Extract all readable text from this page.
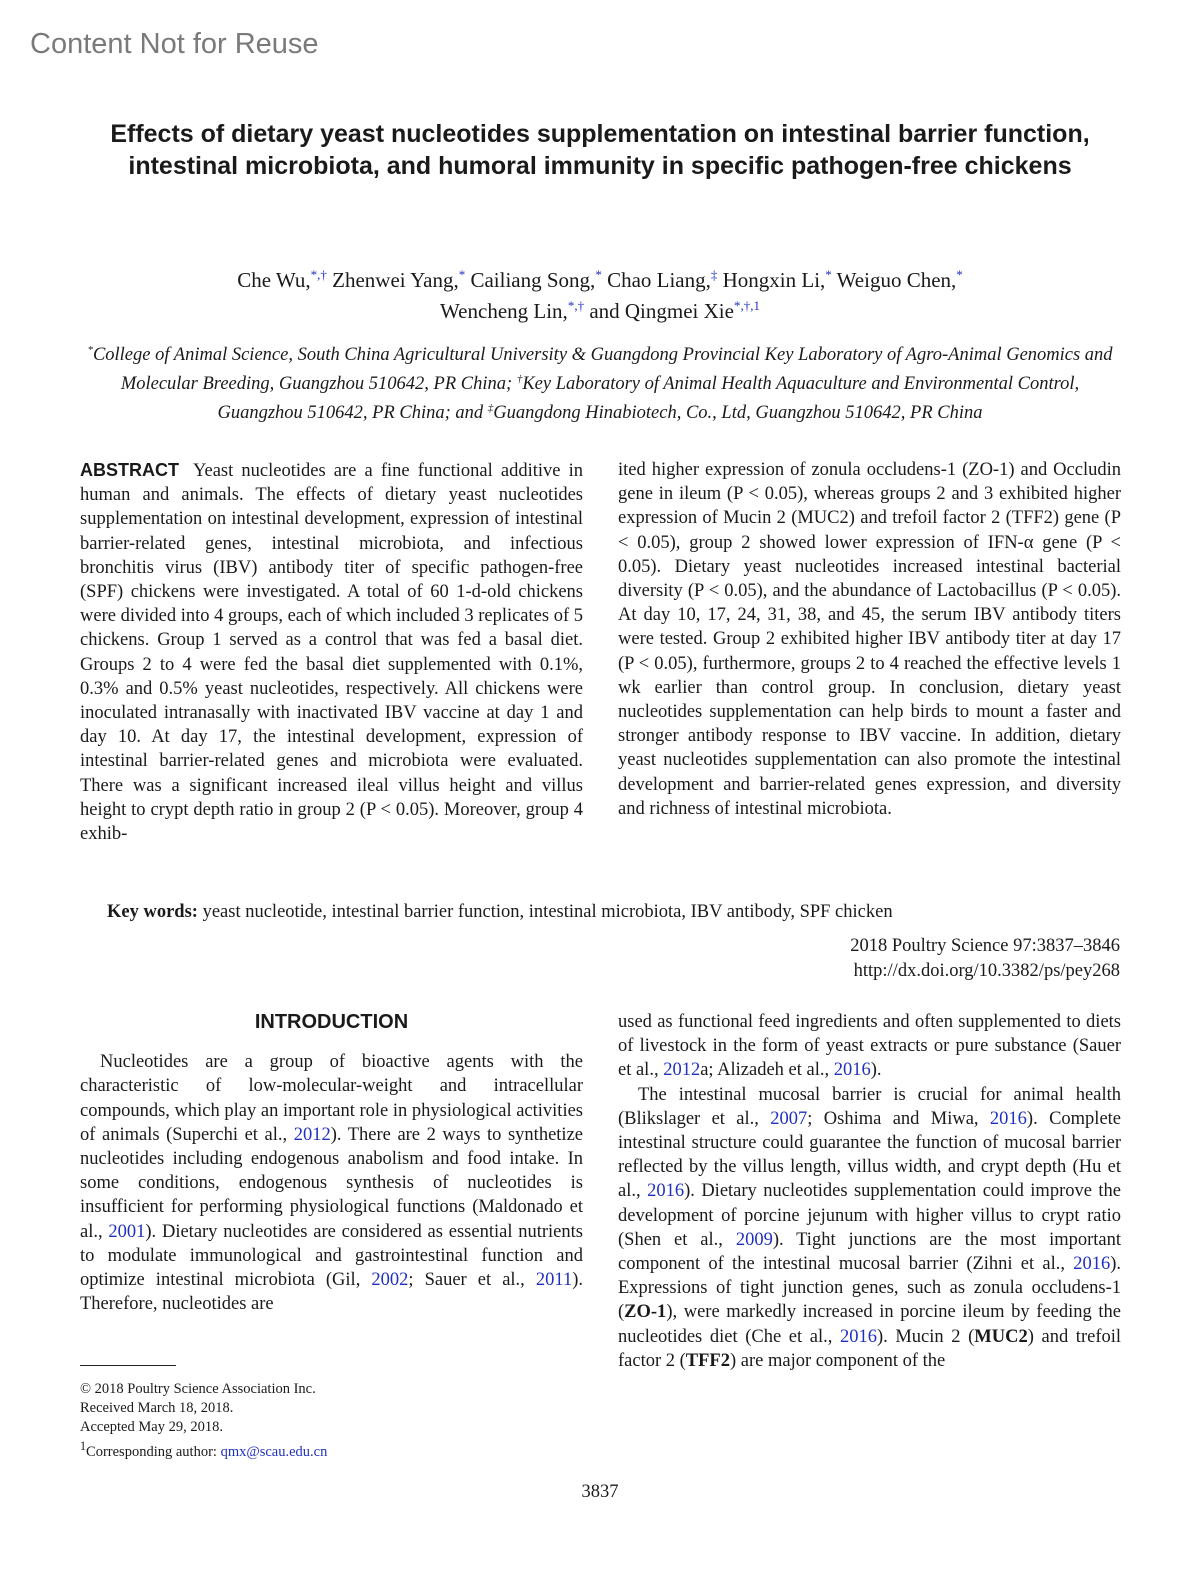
Content Not for Reuse
Effects of dietary yeast nucleotides supplementation on intestinal barrier function, intestinal microbiota, and humoral immunity in specific pathogen-free chickens
Che Wu,*,† Zhenwei Yang,* Cailiang Song,* Chao Liang,‡ Hongxin Li,* Weiguo Chen,*
Wencheng Lin,*,† and Qingmei Xie$^{*,\dagger,1}$
*College of Animal Science, South China Agricultural University & Guangdong Provincial Key Laboratory of Agro-Animal Genomics and Molecular Breeding, Guangzhou 510642, PR China; †Key Laboratory of Animal Health Aquaculture and Environmental Control, Guangzhou 510642, PR China; and ‡Guangdong Hinabiotech, Co., Ltd, Guangzhou 510642, PR China
ABSTRACT Yeast nucleotides are a fine functional additive in human and animals. The effects of dietary yeast nucleotides supplementation on intestinal development, expression of intestinal barrier-related genes, intestinal microbiota, and infectious bronchitis virus (IBV) antibody titer of specific pathogen-free (SPF) chickens were investigated. A total of 60 1-d-old chickens were divided into 4 groups, each of which included 3 replicates of 5 chickens. Group 1 served as a control that was fed a basal diet. Groups 2 to 4 were fed the basal diet supplemented with 0.1%, 0.3% and 0.5% yeast nucleotides, respectively. All chickens were inoculated intranasally with inactivated IBV vaccine at day 1 and day 10. At day 17, the intestinal development, expression of intestinal barrier-related genes and microbiota were evaluated. There was a significant increased ileal villus height and villus height to crypt depth ratio in group 2 (P < 0.05). Moreover, group 4 exhib-
ited higher expression of zonula occludens-1 (ZO-1) and Occludin gene in ileum (P < 0.05), whereas groups 2 and 3 exhibited higher expression of Mucin 2 (MUC2) and trefoil factor 2 (TFF2) gene (P < 0.05), group 2 showed lower expression of IFN-α gene (P < 0.05). Dietary yeast nucleotides increased intestinal bacterial diversity (P < 0.05), and the abundance of Lactobacillus (P < 0.05). At day 10, 17, 24, 31, 38, and 45, the serum IBV antibody titers were tested. Group 2 exhibited higher IBV antibody titer at day 17 (P < 0.05), furthermore, groups 2 to 4 reached the effective levels 1 wk earlier than control group. In conclusion, dietary yeast nucleotides supplementation can help birds to mount a faster and stronger antibody response to IBV vaccine. In addition, dietary yeast nucleotides supplementation can also promote the intestinal development and barrier-related genes expression, and diversity and richness of intestinal microbiota.
Key words: yeast nucleotide, intestinal barrier function, intestinal microbiota, IBV antibody, SPF chicken
2018 Poultry Science 97:3837–3846
http://dx.doi.org/10.3382/ps/pey268
INTRODUCTION

Nucleotides are a group of bioactive agents with the characteristic of low-molecular-weight and intracellular compounds, which play an important role in physiological activities of animals (Superchi et al., 2012). There are 2 ways to synthetize nucleotides including endogenous anabolism and food intake. In some conditions, endogenous synthesis of nucleotides is insufficient for performing physiological functions (Maldonado et al., 2001). Dietary nucleotides are considered as essential nutrients to modulate immunological and gastrointestinal function and optimize intestinal microbiota (Gil, 2002; Sauer et al., 2011). Therefore, nucleotides are

used as functional feed ingredients and often supplemented to diets of livestock in the form of yeast extracts or pure substance (Sauer et al., 2012a; Alizadeh et al., 2016).

The intestinal mucosal barrier is crucial for animal health (Blikslager et al., 2007; Oshima and Miwa, 2016). Complete intestinal structure could guarantee the function of mucosal barrier reflected by the villus length, villus width, and crypt depth (Hu et al., 2016). Dietary nucleotides supplementation could improve the development of porcine jejunum with higher villus to crypt ratio (Shen et al., 2009). Tight junctions are the most important component of the intestinal mucosal barrier (Zihni et al., 2016). Expressions of tight junction genes, such as zonula occludens-1 (ZO-1), were markedly increased in porcine ileum by feeding the nucleotides diet (Che et al., 2016). Mucin 2 (MUC2) and trefoil factor 2 (TFF2) are major component of the

© 2018 Poultry Science Association Inc.
Received March 18, 2018.
Accepted May 29, 2018.
$^1$Corresponding author: qmx@scau.edu.cn
3837
